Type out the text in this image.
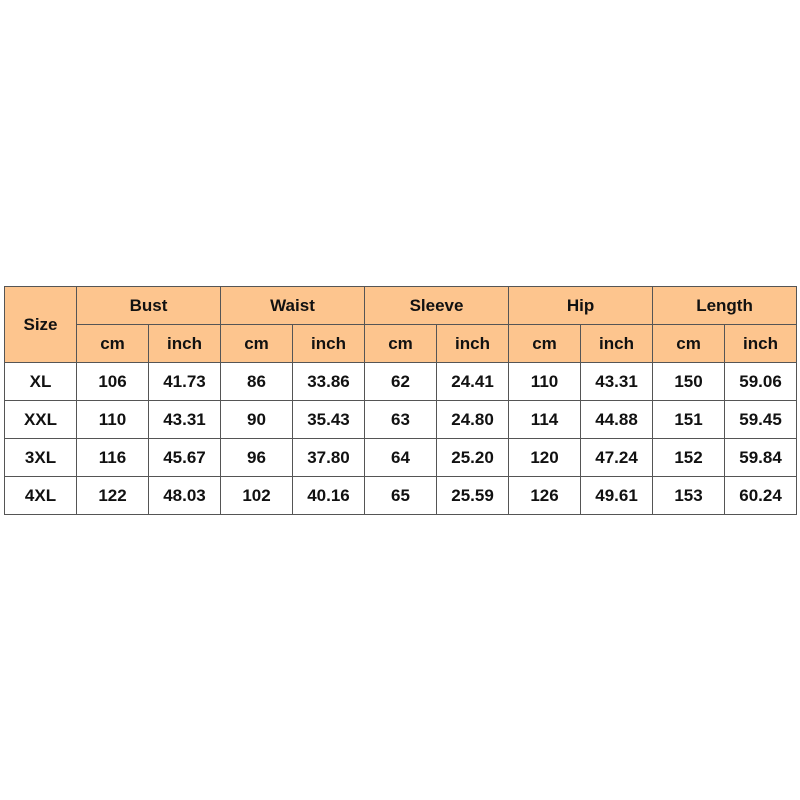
Size	Bust		Waist		Sleeve		Hip		Length	
	cm	inch	cm	inch	cm	inch	cm	inch	cm	inch
XL	106	41.73	86	33.86	62	24.41	110	43.31	150	59.06
XXL	110	43.31	90	35.43	63	24.80	114	44.88	151	59.45
3XL	116	45.67	96	37.80	64	25.20	120	47.24	152	59.84
4XL	122	48.03	102	40.16	65	25.59	126	49.61	153	60.24
